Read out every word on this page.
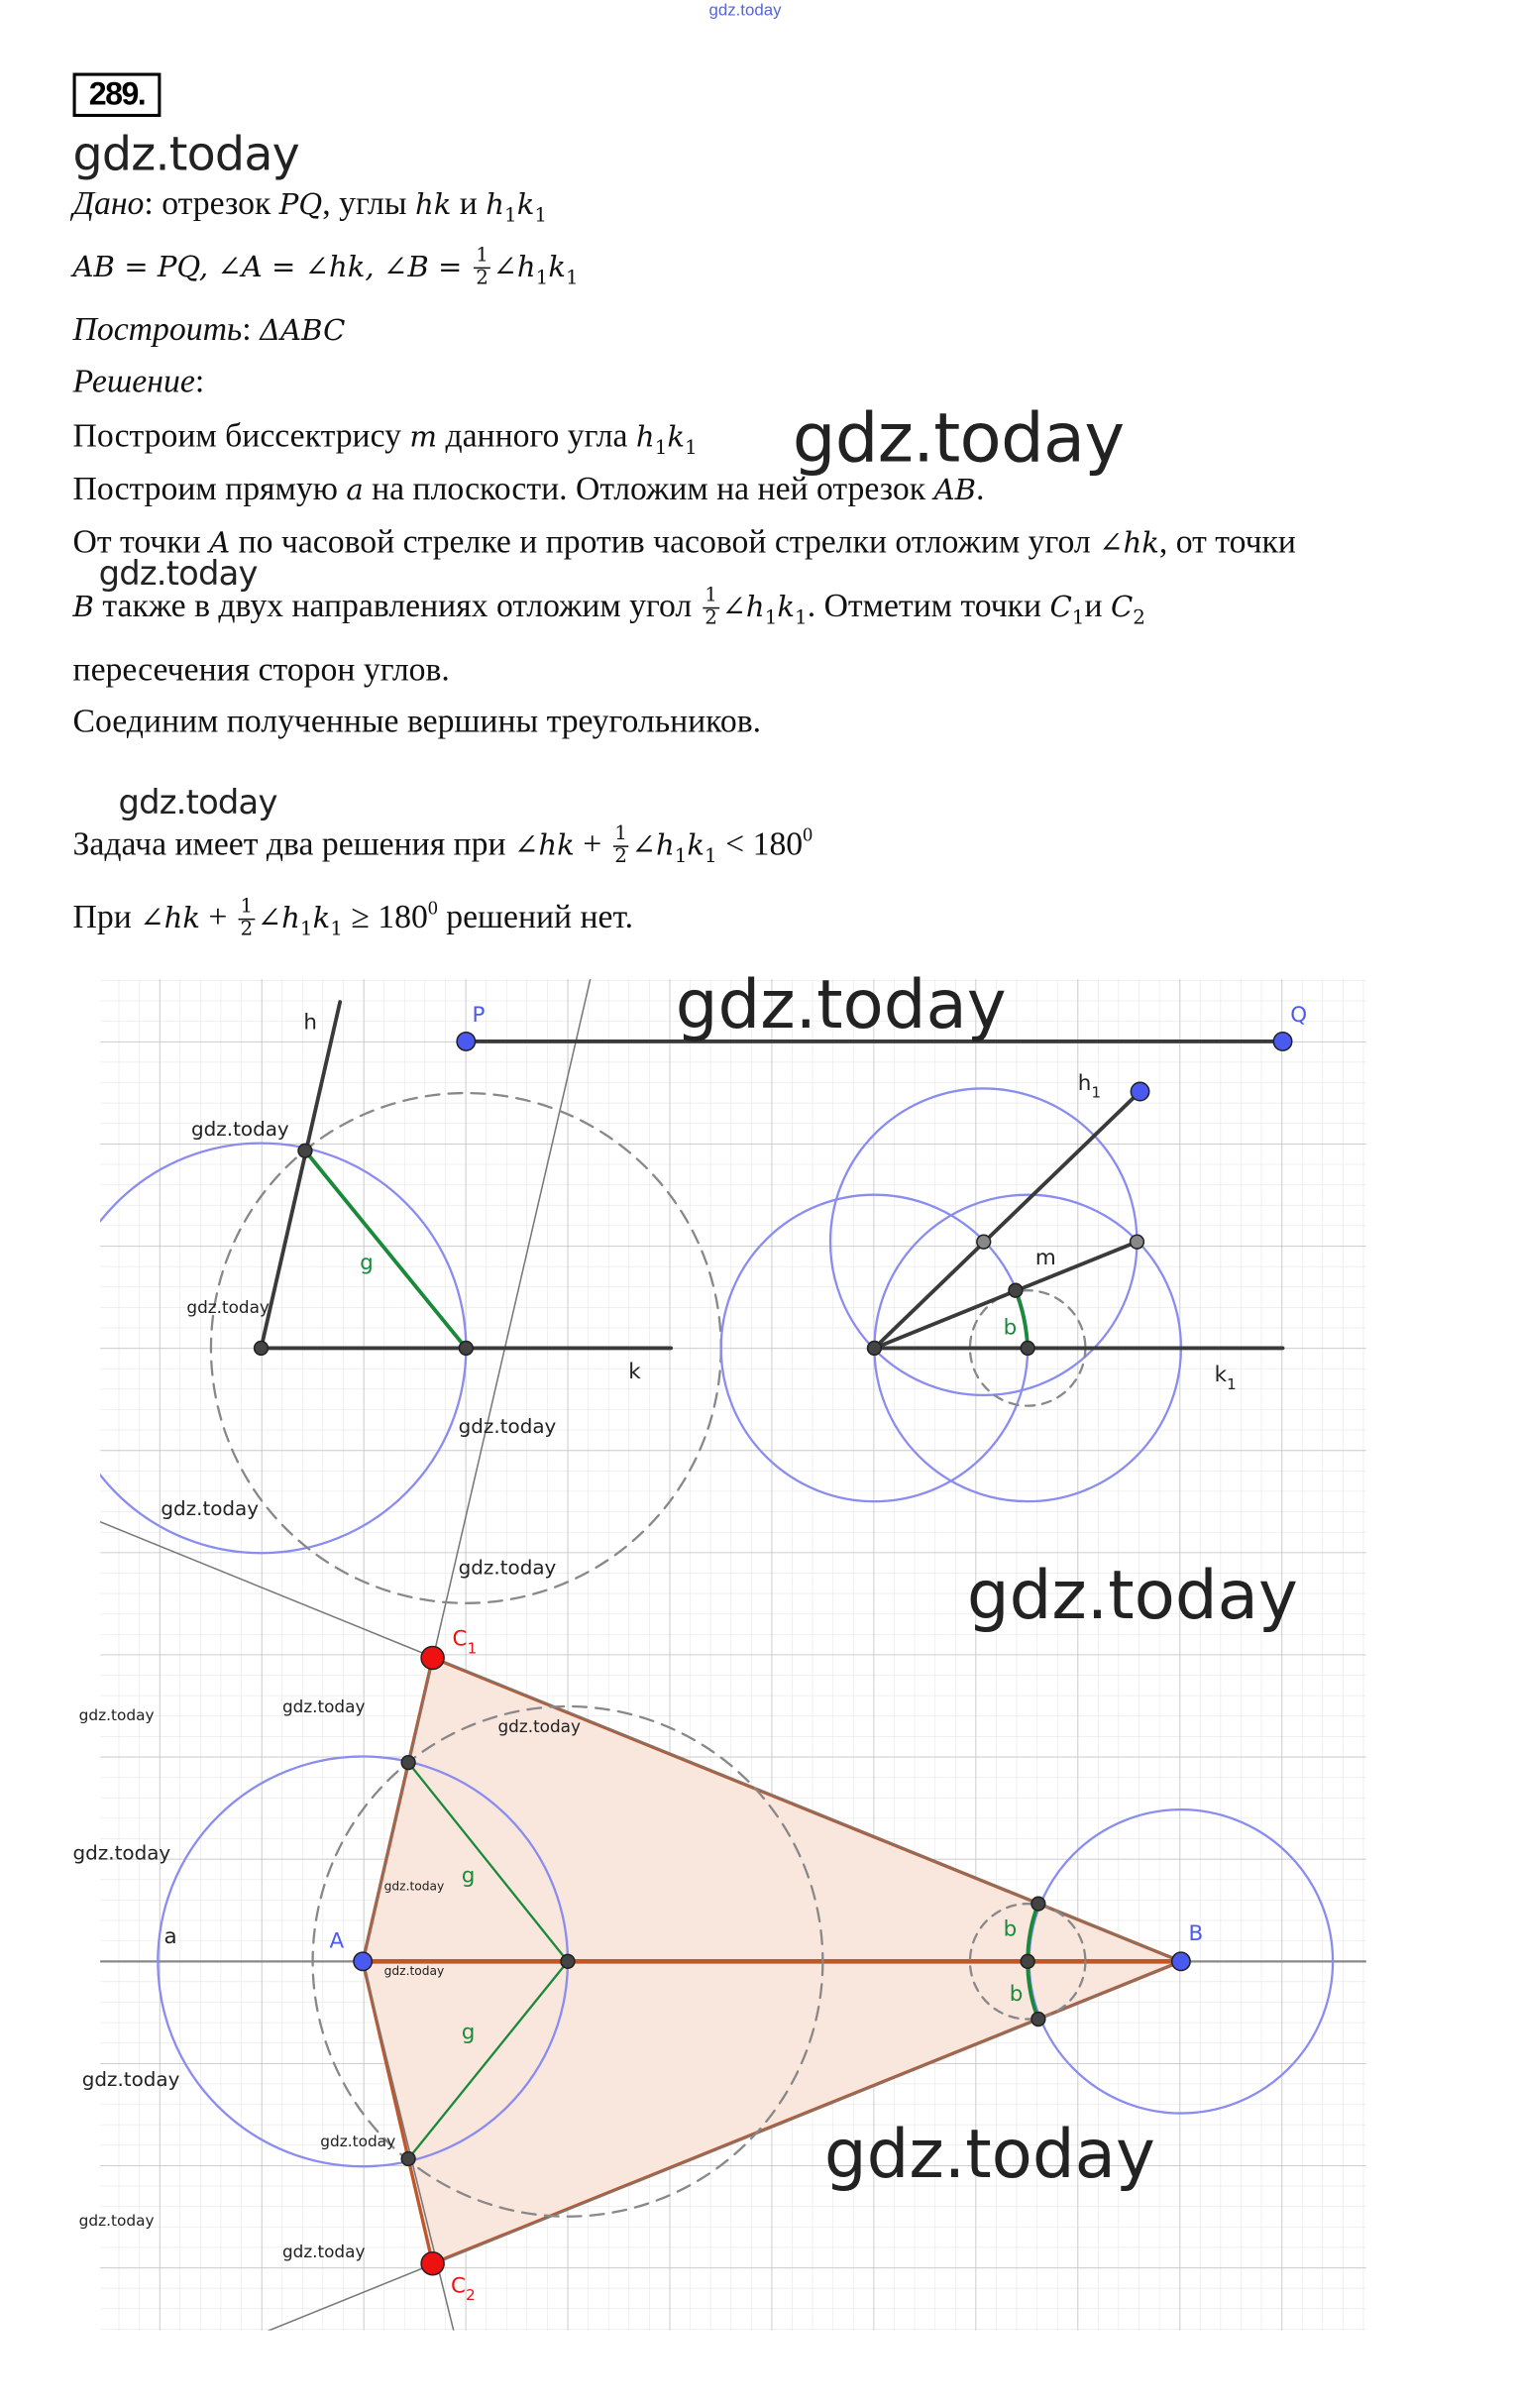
gdz.today
289.
gdz.today
gdz.today
gdz.today
gdz.today
Дано: отрезок PQ, углы hk и $h_1k_1$
AB = PQ, ∠A = ∠hk, ∠B = $\frac{1}{2}$ $\angle h_1k_1$
Построить: ΔABC
Решение:
Построим биссектрису m данного угла $h_1k_1$
Построим прямую a на плоскости. Отложим на ней отрезок AB.
От точки A по часовой стрелке и против часовой стрелки отложим угол ∠hk, от точки
B также в двух направлениях отложим угол $\frac{1}{2}$ $\angle h_1k_1$. Отметим точки $C_1и$ $C_2$
пересечения сторон углов.
Соединим полученные вершины треугольников.
Задача имеет два решения при ∠hk + $\frac{1}{2}$ $\angle h_1k_1 < 180^0$
При ∠hk + $\frac{1}{2}$ $\angle h_1k_1 \ge 180^0$ решений нет.
P	Q
h
k
g
$h_1$
$k_1$
m
b
a	A	B
$C_1$
$C_2$
g
g
b
b
gdz.today
gdz.today
gdz.today
gdz.today
gdz.today
gdz.today
gdz.today
gdz.today
gdz.today
gdz.today
gdz.today
gdz.today
gdz.today
gdz.today
gdz.today
gdz.today
gdz.today
gdz.today
